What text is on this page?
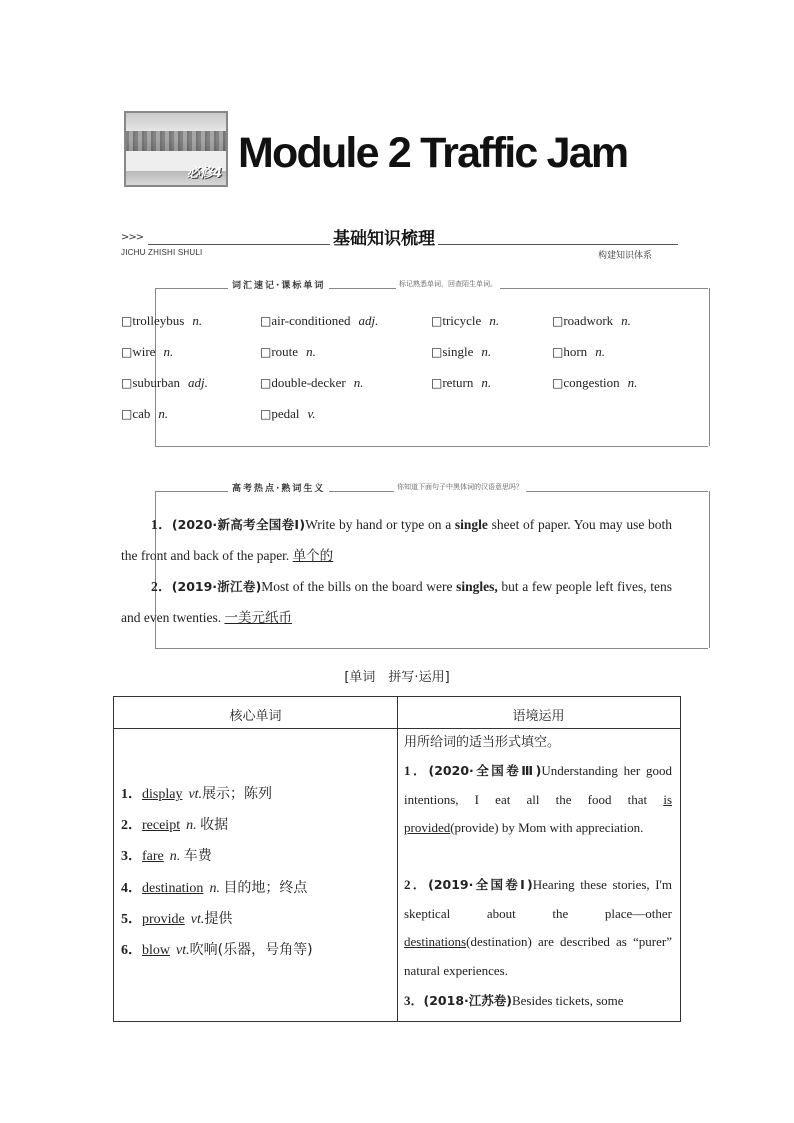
必修4 Module 2 Traffic Jam
>>>
JICHU ZHISHI SHULI
基础知识梳理
构建知识体系
词汇速记·课标单词	标记熟悉单词，回查陌生单词。
□trolleybus n.	□air-conditioned adj.	□tricycle n.	□roadwork n.
□wire n.	□route n.	□single n.	□horn n.
□suburban adj.	□double-decker n.	□return n.	□congestion n.
□cab n.	□pedal v.
高考热点·熟词生义	你知道下面句子中黑体词的汉语意思吗？
1．(2020·新高考全国卷Ⅰ)Write by hand or type on a single sheet of paper. You may use both the front and back of the paper. 单个的
2．(2019·浙江卷)Most of the bills on the board were singles, but a few people left fives, tens and even twenties. 一美元纸币
[单词　拼写·运用]
核心单词	语境运用
1．display vt.展示；陈列
2．receipt n. 收据
3．fare n. 车费
4．destination n. 目的地；终点
5．provide vt.提供
6．blow vt.吹响(乐器，号角等)
用所给词的适当形式填空。
1．(2020·全国卷Ⅲ)Understanding her good intentions, I eat all the food that is provided(provide) by Mom with appreciation.
2．(2019·全国卷Ⅰ)Hearing these stories, I'm skeptical about the place—other destinations(destination) are described as “purer” natural experiences.
3．(2018·江苏卷)Besides tickets, some
